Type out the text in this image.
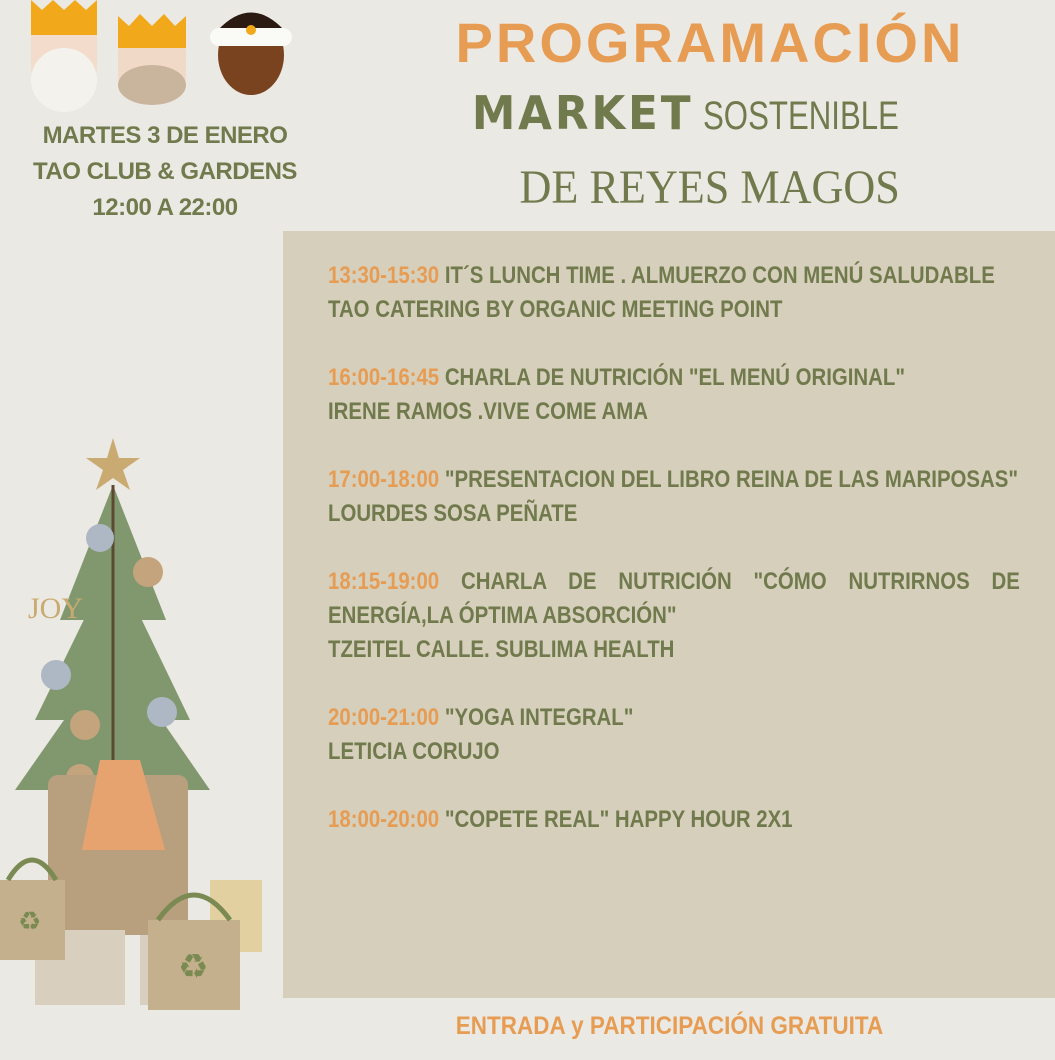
MARTES 3 DE ENERO
TAO CLUB & GARDENS
12:00 A 22:00
PROGRAMACIÓN
MARKET SOSTENIBLE
DE REYES MAGOS

13:30-15:30 IT´S LUNCH TIME . ALMUERZO CON MENÚ SALUDABLE

TAO CATERING BY ORGANIC MEETING POINT

16:00-16:45 CHARLA DE NUTRICIÓN "EL MENÚ ORIGINAL"

IRENE RAMOS .VIVE COME AMA

17:00-18:00 "PRESENTACION DEL LIBRO REINA DE LAS MARIPOSAS"

LOURDES SOSA PEÑATE

18:15-19:00 CHARLA DE NUTRICIÓN "CÓMO NUTRIRNOS DE ENERGÍA,LA ÓPTIMA ABSORCIÓN"

TZEITEL CALLE. SUBLIMA HEALTH

20:00-21:00 "YOGA INTEGRAL"

LETICIA CORUJO

18:00-20:00 "COPETE REAL" HAPPY HOUR 2X1

JOY
♻
♻
ENTRADA y PARTICIPACIÓN GRATUITA
